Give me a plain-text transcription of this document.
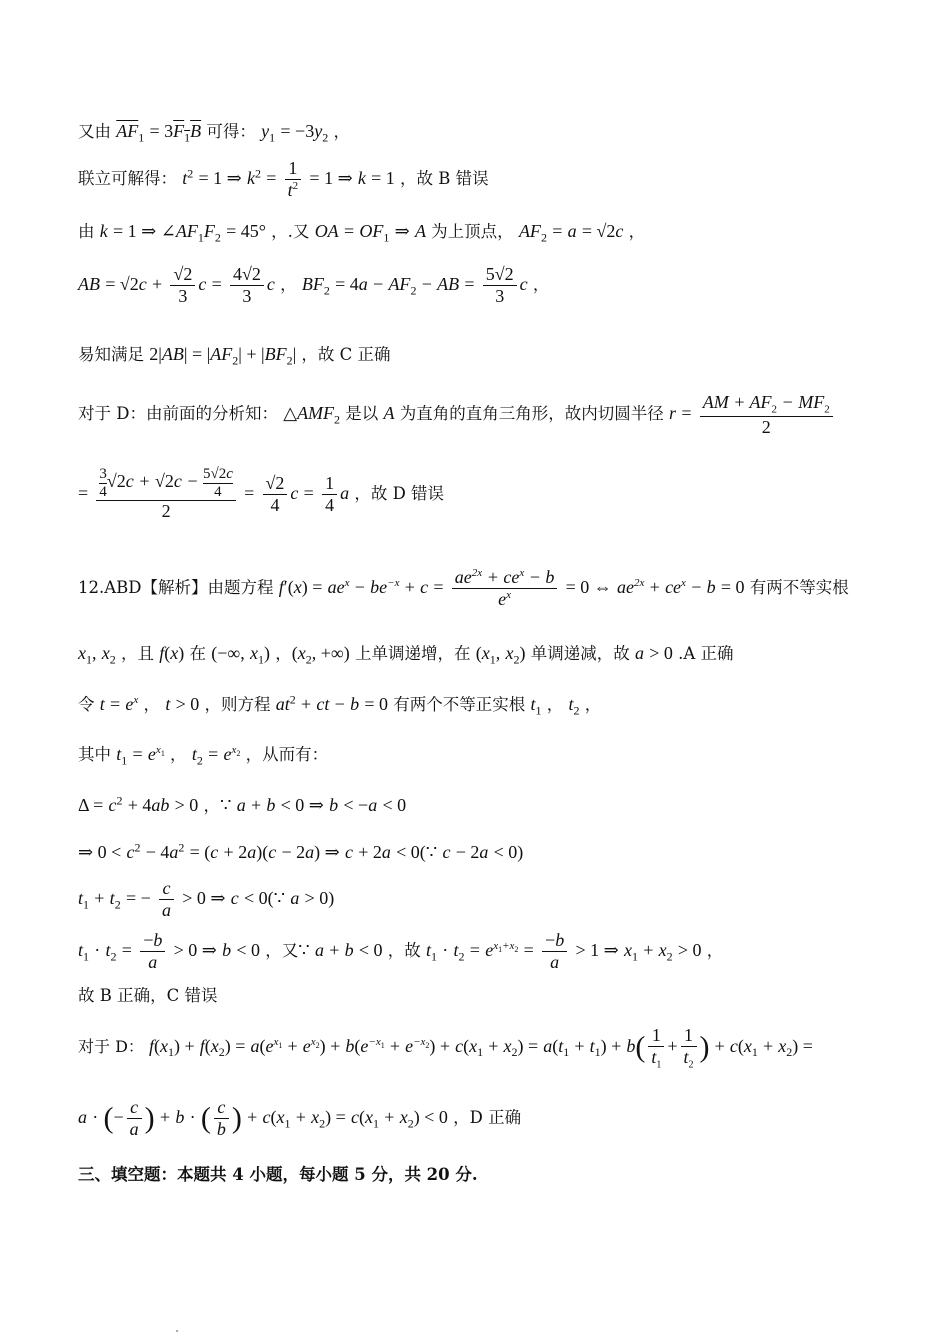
又由 $\overline{AF}_1 = 3F_1B$ 可得： $y_1 = -3y_2$ ，
联立可解得： $t^2 = 1$ ⇒ $k^2 = \frac{1}{t^2} = 1$ ⇒ k = 1 ，故 B 错误
由 k = 1 ⇒ $\angle AF_1F_2 = 45^\circ$ ，.又 OA = $OF_1$ ⇒ A 为上顶点， $AF_2 = a = √2c$ ，
AB = $√2c + \frac{√2}{3}$ $c = \frac{4√2}{3}$ c ， $BF_2 = 4a - AF_2$ − AB = $\frac{5√2}{3}$ c ，
易知满足 $2|AB| = |AF_2| + |BF_2|$ ，故 C 正确
对于 D：由前面的分析知： $\triangle AMF_2$ 是以 A 为直角的直角三角形，故内切圆半径 $r = \frac{AM + AF_2 - MF_2}{2}$
= $\frac{\frac{3}{4} √2c + √2c - \frac{5√2c}{4}}{2} = \frac{√2}{4}$ $c = \frac{1}{4}$ a ，故 D 错误
12.ABD【解析】由题方程 $f'(x) = ae^x - be^{-x} + c = \frac{ae^{2x} + ce^x - b}{e^x} = 0$ ⇔ $ae^{2x} + ce^x - b = 0$ 有两不等实根
$x_1$, $x_2$ ，且 f(x) 在 (−∞, $x_1$) ，($x_2$, +∞) 上单调递增，在 ($x_1$, $x_2$) 单调递减，故 a > 0 .A 正确
令 $t = e^x$ ， t > 0 ，则方程 $at^2$ + ct − b = 0 有两个不等正实根 $t_1$ ， $t_2$ ，
其中 $t_1 = e^{x_1}$ ， $t_2 = e^{x_2}$ ，从而有：
$\Delta = c^2 + 4ab > 0$ ，∵ a + b < 0 ⇒ b < −a < 0
⇒ $0 < c^2 - 4a^2 = (c + 2a)(c - 2a)$ ⇒ c + 2a < 0(∵ c − 2a < 0)
$t_1 + t_2$ = − $\frac{c}{a} > 0$ ⇒ c < 0(∵ a > 0)
$t_1 \cdot t_2 = \frac{-b}{a} > 0$ ⇒ b < 0 ，又∵ a + b < 0 ，故 $t_1 \cdot t_2 = e^{x_1+x_2} = \frac{-b}{a} > 1$ ⇒ $x_1 + x_2 > 0$ ，
故 B 正确，C 错误
对于 D： $f(x_1) + f(x_2) = a(e^{x_1} + e^{x_2}) + b(e^{-x_1} + e^{-x_2}) + c(x_1 + x_2) = a(t_1 + t_1) + b( \frac{1}{t_1} + \frac{1}{t_2}$ ) + $c(x_1 + x_2)$ =
a · (− $\frac{c}{a}$ ) + b · ( $\frac{c}{b}$ ) + $c(x_1 + x_2) = c(x_1 + x_2) < 0$ ，D 正确
三、填空题：本题共 4 小题，每小题 5 分，共 20 分.
